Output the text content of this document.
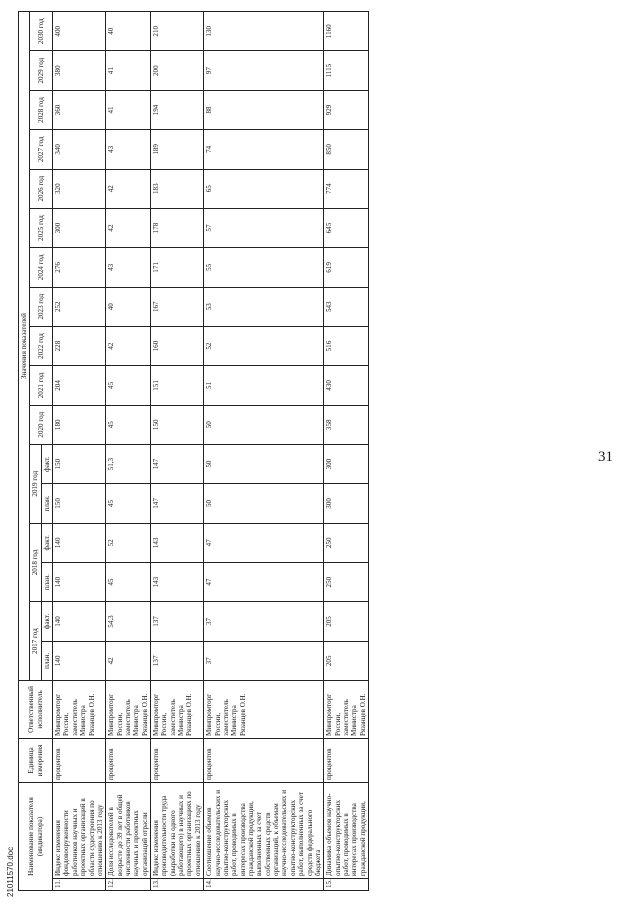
31
Наименование показателя (индикатора)		Единица измерения	Ответственный исполнитель	Значения показателей																
				2017 год		2018 год		2019 год		2020 год	2021 год	2022 год	2023 год	2024 год	2025 год	2026 год	2027 год	2028 год	2029 год	2030 год
				план.	факт.	план.	факт.	план.	факт.											
11.	Индекс изменения фондовооруженности работников научных и проектных организаций в области судостроения по отношению к 2013 году	процентов	Минпромторг России, заместитель Министра Рязанцев О.Н.	140	140	140	140	150	150	180	204	228	252	276	300	320	340	360	380	400
12.	Доля исследователей в возрасте до 39 лет в общей численности работников научных и проектных организаций отрасли	процентов	Минпромторг России, заместитель Министра Рязанцев О.Н.	42	54,3	45	52	45	51,3	45	45	42	40	43	42	42	43	41	41	40
13.	Индекс изменения производительности труда (выработки на одного работающего) в научных и проектных организациях по отношению к 2013 году	процентов	Минпромторг России, заместитель Министра Рязанцев О.Н.	137	137	143	143	147	147	150	151	160	167	171	178	183	189	194	200	210
14.	Соотношение объемов научно-исследовательских и опытно-конструкторских работ, проводимых в интересах производства гражданской продукции, выполненных за счет собственных средств организаций, к объемам научно-исследовательских и опытно-конструкторских работ, выполненных за счет средств федерального бюджета	процентов	Минпромторг России, заместитель Министра Рязанцев О.Н.	37	37	47	47	50	50	50	51	52	53	55	57	65	74	88	97	130
15.	Динамика объемов научно-опытно-конструкторских работ, проводимых в интересах производства гражданской продукции,	процентов	Минпромторг России, заместитель Министра Рязанцев О.Н.	205	205	250	250	300	300	358	430	516	543	619	645	774	850	929	1115	1160
21011570.doc
